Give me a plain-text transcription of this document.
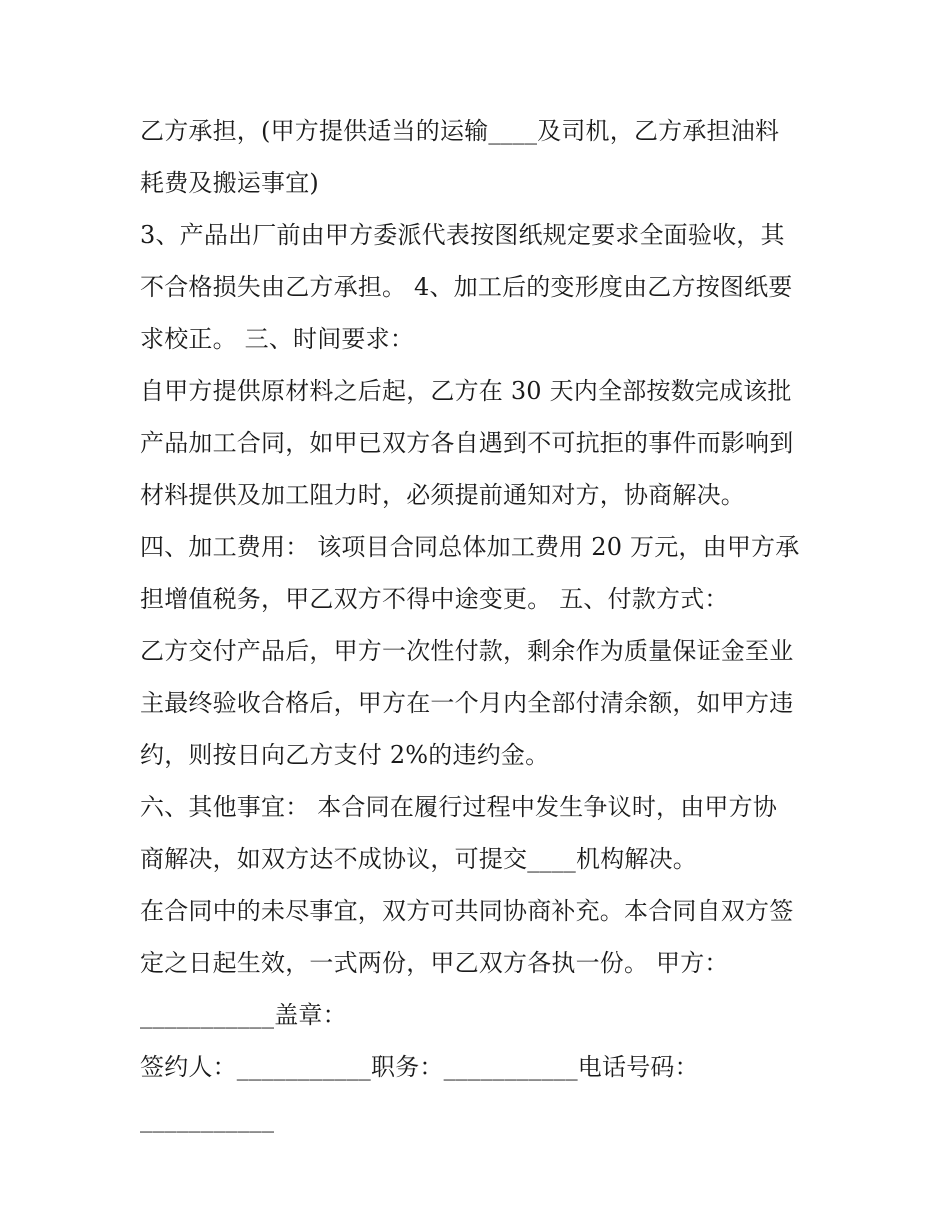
乙方承担，(甲方提供适当的运输____及司机，乙方承担油料
耗费及搬运事宜)
3、产品出厂前由甲方委派代表按图纸规定要求全面验收，其
不合格损失由乙方承担。 4、加工后的变形度由乙方按图纸要
求校正。 三、时间要求：
自甲方提供原材料之后起，乙方在 30 天内全部按数完成该批
产品加工合同，如甲已双方各自遇到不可抗拒的事件而影响到
材料提供及加工阻力时，必须提前通知对方，协商解决。
四、加工费用： 该项目合同总体加工费用 20 万元，由甲方承
担增值税务，甲乙双方不得中途变更。 五、付款方式：
乙方交付产品后，甲方一次性付款，剩余作为质量保证金至业
主最终验收合格后，甲方在一个月内全部付清余额，如甲方违
约，则按日向乙方支付 2%的违约金。
六、其他事宜： 本合同在履行过程中发生争议时，由甲方协
商解决，如双方达不成协议，可提交____机构解决。
在合同中的未尽事宜，双方可共同协商补充。本合同自双方签
定之日起生效，一式两份，甲乙双方各执一份。 甲方：
___________盖章：
签约人：___________职务：___________电话号码：
___________
